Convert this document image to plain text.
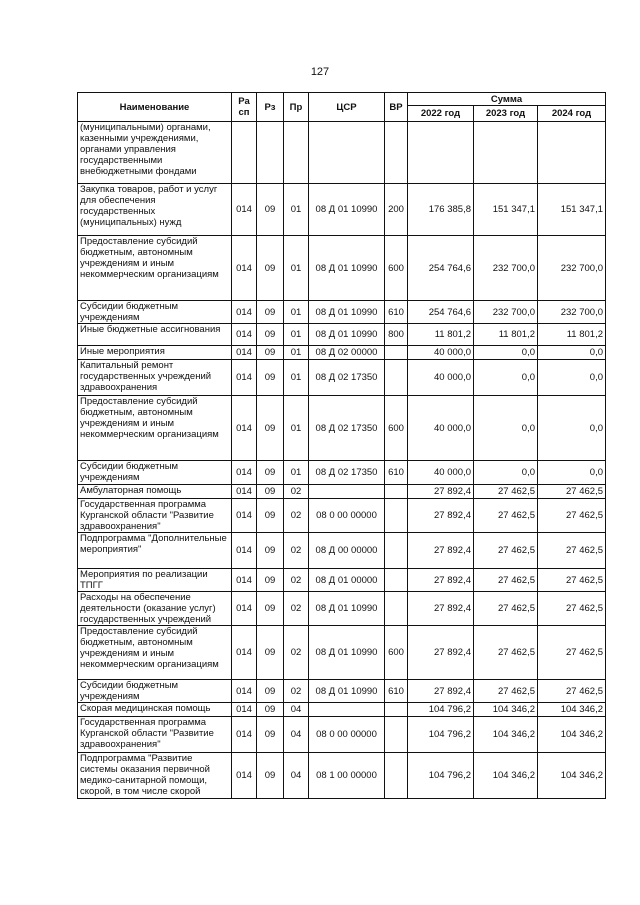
127
Наименование	Ра сп	Рз	Пр	ЦСР	ВР	Сумма		
						2022 год	2023 год	2024 год
(муниципальными) органами, казенными учреждениями, органами управления государственными внебюджетными фондами								
Закупка товаров, работ и услуг для обеспечения государственных (муниципальных) нужд	014	09	01	08 Д 01 10990	200	176 385,8	151 347,1	151 347,1
Предоставление субсидий бюджетным, автономным учреждениям и иным некоммерческим организациям	014	09	01	08 Д 01 10990	600	254 764,6	232 700,0	232 700,0
Субсидии бюджетным учреждениям	014	09	01	08 Д 01 10990	610	254 764,6	232 700,0	232 700,0
Иные бюджетные ассигнования	014	09	01	08 Д 01 10990	800	11 801,2	11 801,2	11 801,2
Иные мероприятия	014	09	01	08 Д 02 00000		40 000,0	0,0	0,0
Капитальный ремонт государственных учреждений здравоохранения	014	09	01	08 Д 02 17350		40 000,0	0,0	0,0
Предоставление субсидий бюджетным, автономным учреждениям и иным некоммерческим организациям	014	09	01	08 Д 02 17350	600	40 000,0	0,0	0,0
Субсидии бюджетным учреждениям	014	09	01	08 Д 02 17350	610	40 000,0	0,0	0,0
Амбулаторная помощь	014	09	02			27 892,4	27 462,5	27 462,5
Государственная программа Курганской области "Развитие здравоохранения"	014	09	02	08 0 00 00000		27 892,4	27 462,5	27 462,5
Подпрограмма "Дополнительные мероприятия"	014	09	02	08 Д 00 00000		27 892,4	27 462,5	27 462,5
Мероприятия по реализации ТПГГ	014	09	02	08 Д 01 00000		27 892,4	27 462,5	27 462,5
Расходы на обеспечение деятельности (оказание услуг) государственных учреждений	014	09	02	08 Д 01 10990		27 892,4	27 462,5	27 462,5
Предоставление субсидий бюджетным, автономным учреждениям и иным некоммерческим организациям	014	09	02	08 Д 01 10990	600	27 892,4	27 462,5	27 462,5
Субсидии бюджетным учреждениям	014	09	02	08 Д 01 10990	610	27 892,4	27 462,5	27 462,5
Скорая медицинская помощь	014	09	04			104 796,2	104 346,2	104 346,2
Государственная программа Курганской области "Развитие здравоохранения"	014	09	04	08 0 00 00000		104 796,2	104 346,2	104 346,2
Подпрограмма "Развитие системы оказания первичной медико-санитарной помощи, скорой, в том числе скорой	014	09	04	08 1 00 00000		104 796,2	104 346,2	104 346,2
